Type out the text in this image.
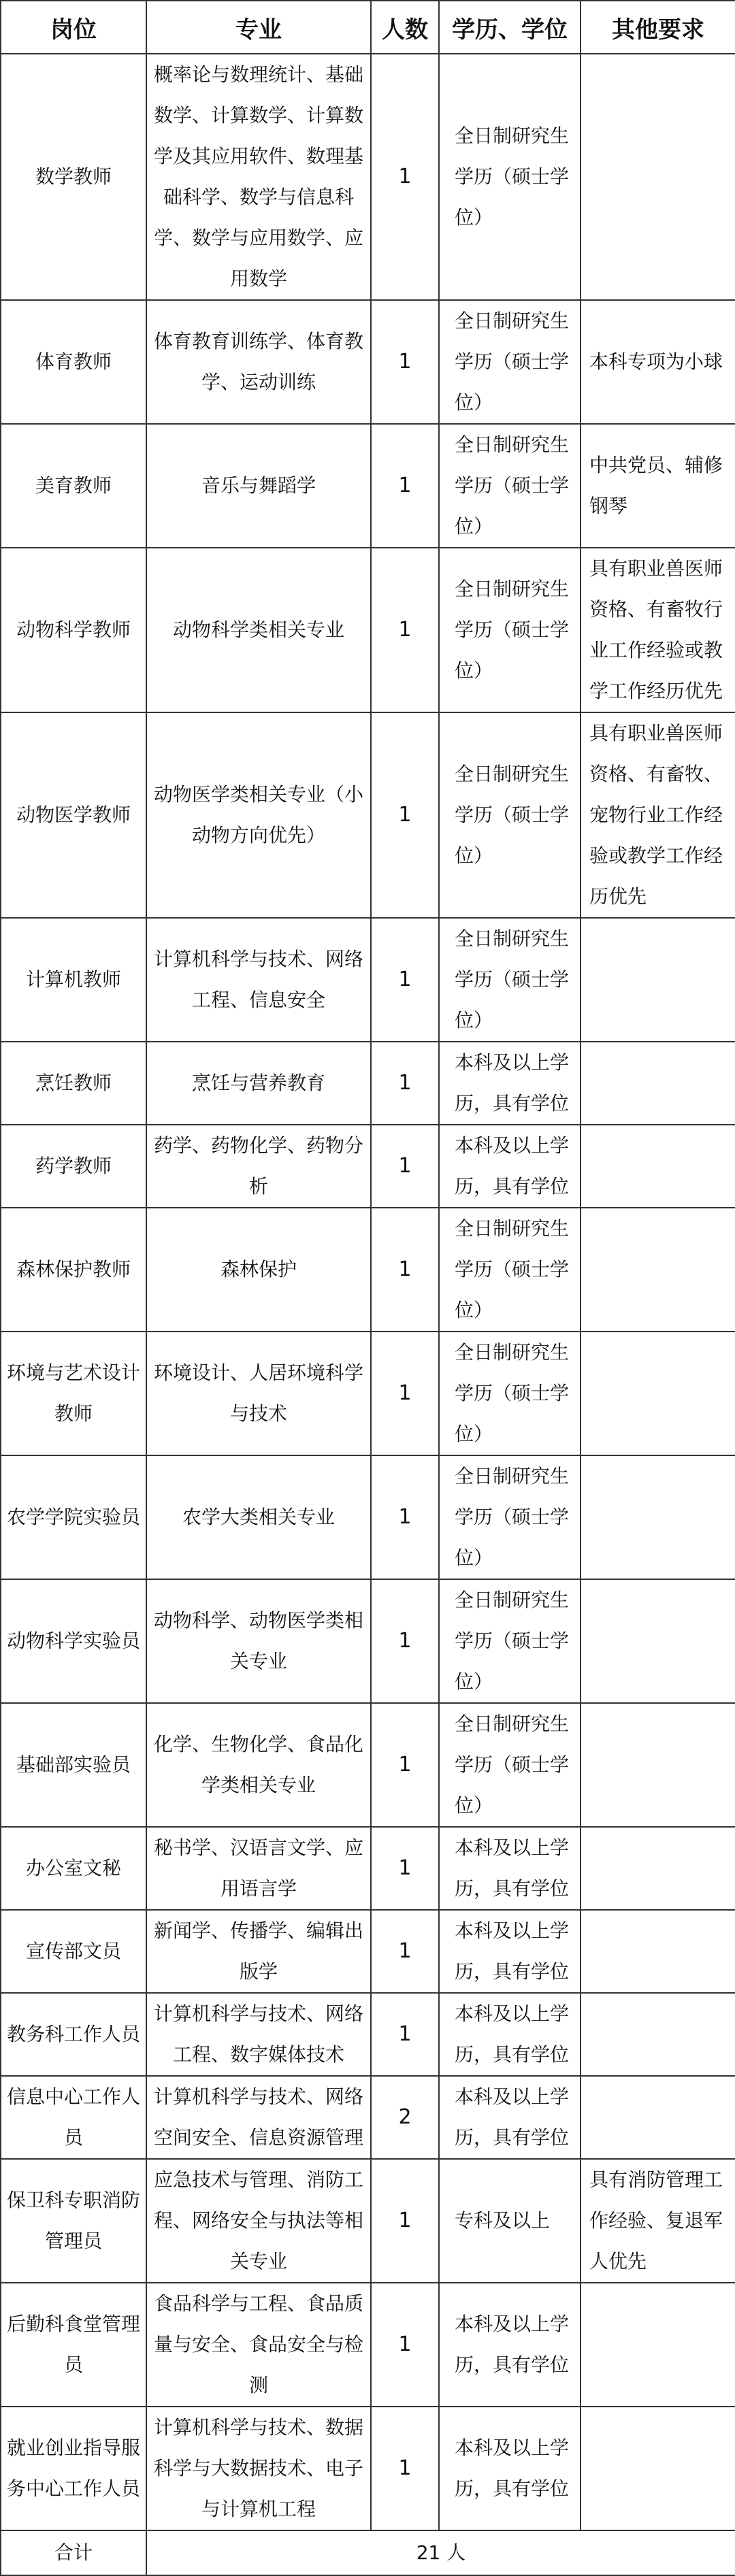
岗位	专业	人数	学历、学位	其他要求
数学教师	概率论与数理统计、基础数学、计算数学、计算数学及其应用软件、数理基础科学、数学与信息科学、数学与应用数学、应用数学	1	全日制研究生学历（硕士学位）	
体育教师	体育教育训练学、体育教学、运动训练	1	全日制研究生学历（硕士学位）	本科专项为小球
美育教师	音乐与舞蹈学	1	全日制研究生学历（硕士学位）	中共党员、辅修钢琴
动物科学教师	动物科学类相关专业	1	全日制研究生学历（硕士学位）	具有职业兽医师资格、有畜牧行业工作经验或教学工作经历优先
动物医学教师	动物医学类相关专业（小动物方向优先）	1	全日制研究生学历（硕士学位）	具有职业兽医师资格、有畜牧、宠物行业工作经验或教学工作经历优先
计算机教师	计算机科学与技术、网络工程、信息安全	1	全日制研究生学历（硕士学位）	
烹饪教师	烹饪与营养教育	1	本科及以上学历，具有学位	
药学教师	药学、药物化学、药物分析	1	本科及以上学历，具有学位	
森林保护教师	森林保护	1	全日制研究生学历（硕士学位）	
环境与艺术设计教师	环境设计、人居环境科学与技术	1	全日制研究生学历（硕士学位）	
农学学院实验员	农学大类相关专业	1	全日制研究生学历（硕士学位）	
动物科学实验员	动物科学、动物医学类相关专业	1	全日制研究生学历（硕士学位）	
基础部实验员	化学、生物化学、食品化学类相关专业	1	全日制研究生学历（硕士学位）	
办公室文秘	秘书学、汉语言文学、应用语言学	1	本科及以上学历，具有学位	
宣传部文员	新闻学、传播学、编辑出版学	1	本科及以上学历，具有学位	
教务科工作人员	计算机科学与技术、网络工程、数字媒体技术	1	本科及以上学历，具有学位	
信息中心工作人员	计算机科学与技术、网络空间安全、信息资源管理	2	本科及以上学历，具有学位	
保卫科专职消防管理员	应急技术与管理、消防工程、网络安全与执法等相关专业	1	专科及以上	具有消防管理工作经验、复退军人优先
后勤科食堂管理员	食品科学与工程、食品质量与安全、食品安全与检测	1	本科及以上学历，具有学位	
就业创业指导服务中心工作人员	计算机科学与技术、数据科学与大数据技术、电子与计算机工程	1	本科及以上学历，具有学位	
合计	21 人			
